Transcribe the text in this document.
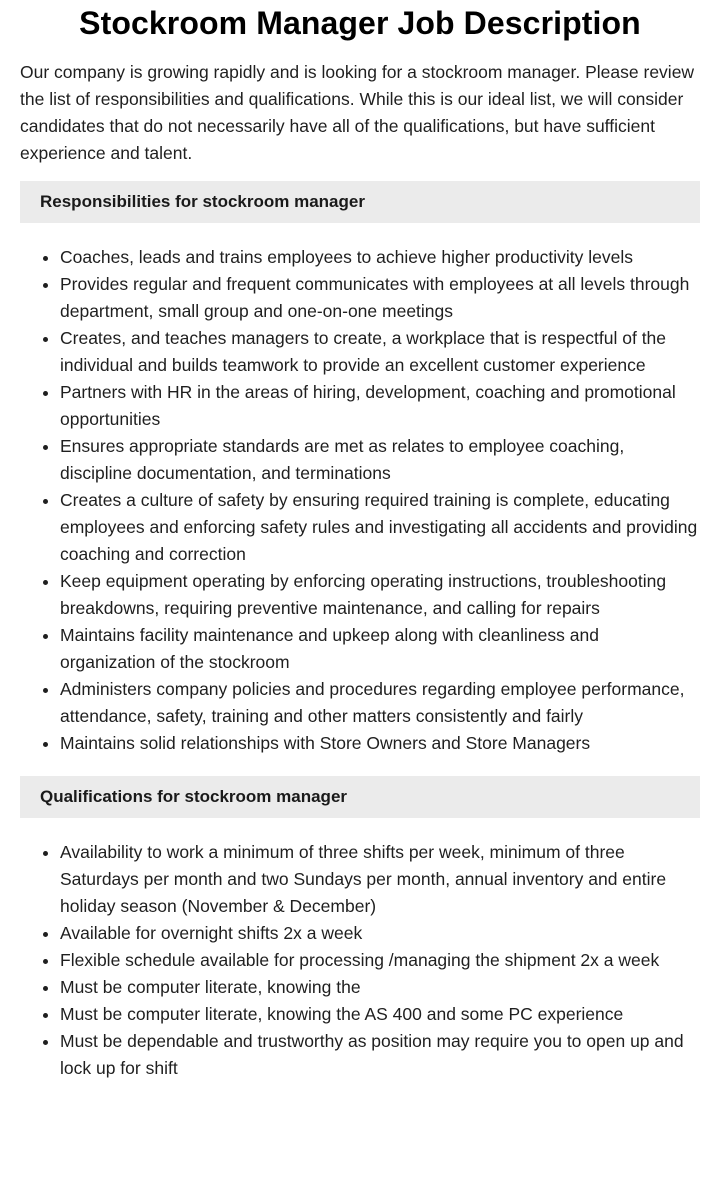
Stockroom Manager Job Description

Our company is growing rapidly and is looking for a stockroom manager. Please review the list of responsibilities and qualifications. While this is our ideal list, we will consider candidates that do not necessarily have all of the qualifications, but have sufficient experience and talent.

Responsibilities for stockroom manager
• Coaches, leads and trains employees to achieve higher productivity levels
• Provides regular and frequent communicates with employees at all levels through department, small group and one-on-one meetings
• Creates, and teaches managers to create, a workplace that is respectful of the individual and builds teamwork to provide an excellent customer experience
• Partners with HR in the areas of hiring, development, coaching and promotional opportunities
• Ensures appropriate standards are met as relates to employee coaching, discipline documentation, and terminations
• Creates a culture of safety by ensuring required training is complete, educating employees and enforcing safety rules and investigating all accidents and providing coaching and correction
• Keep equipment operating by enforcing operating instructions, troubleshooting breakdowns, requiring preventive maintenance, and calling for repairs
• Maintains facility maintenance and upkeep along with cleanliness and organization of the stockroom
• Administers company policies and procedures regarding employee performance, attendance, safety, training and other matters consistently and fairly
• Maintains solid relationships with Store Owners and Store Managers
Qualifications for stockroom manager
• Availability to work a minimum of three shifts per week, minimum of three Saturdays per month and two Sundays per month, annual inventory and entire holiday season (November & December)
• Available for overnight shifts 2x a week
• Flexible schedule available for processing /managing the shipment 2x a week
• Must be computer literate, knowing the
• Must be computer literate, knowing the AS 400 and some PC experience
• Must be dependable and trustworthy as position may require you to open up and lock up for shift
